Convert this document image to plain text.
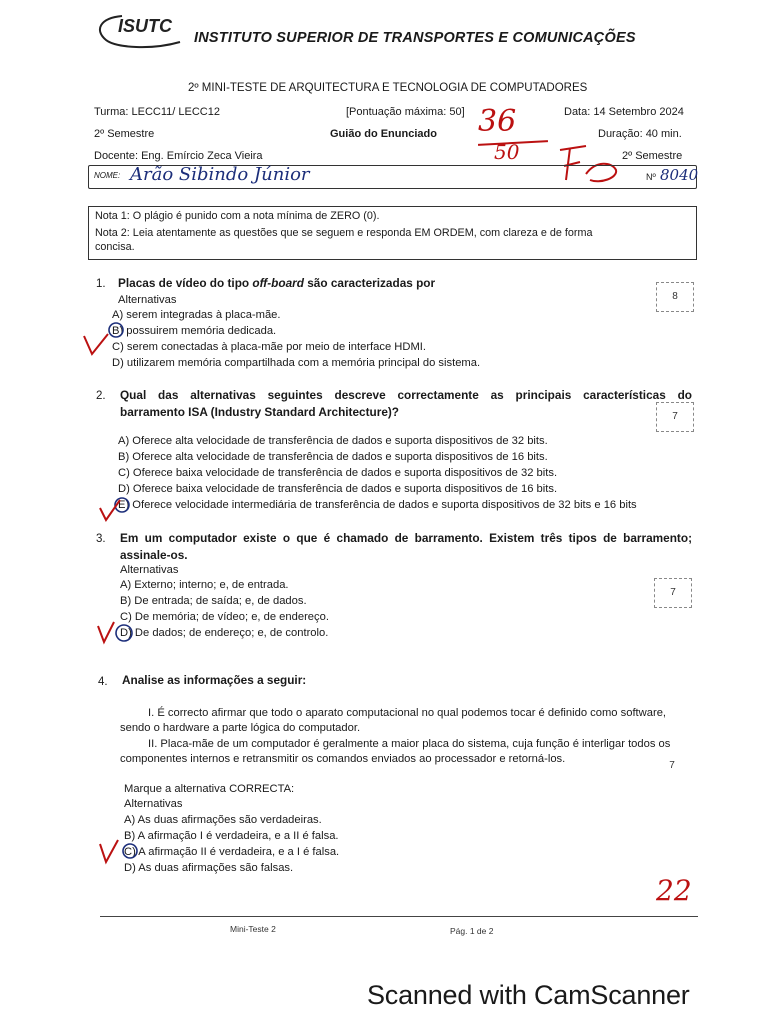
ISUTC
INSTITUTO SUPERIOR DE TRANSPORTES E COMUNICAÇÕES
2º MINI-TESTE DE ARQUITECTURA E TECNOLOGIA DE COMPUTADORES
Turma: LECC11/ LECC12	[Pontuação máxima: 50]	Data: 14 Setembro 2024
2º Semestre	Guião do Enunciado	Duração: 40 min.
Docente: Eng. Emírcio Zeca Vieira	2º Semestre
36
50
NOME: Arão Sibindo Júnior	Nº 8040
Nota 1: O plágio é punido com a nota mínima de ZERO (0).
Nota 2: Leia atentamente as questões que se seguem e responda EM ORDEM, com clareza e de forma
concisa.
1. Placas de vídeo do tipo off-board são caracterizadas por
Alternativas
A) serem integradas à placa-mãe.
B) possuirem memória dedicada.
C) serem conectadas à placa-mãe por meio de interface HDMI.
D) utilizarem memória compartilhada com a memória principal do sistema.
8
2. Qual das alternativas seguintes descreve correctamente as principais características do
barramento ISA (Industry Standard Architecture)?	7
A) Oferece alta velocidade de transferência de dados e suporta dispositivos de 32 bits.
B) Oferece alta velocidade de transferência de dados e suporta dispositivos de 16 bits.
C) Oferece baixa velocidade de transferência de dados e suporta dispositivos de 32 bits.
D) Oferece baixa velocidade de transferência de dados e suporta dispositivos de 16 bits.
E) Oferece velocidade intermediária de transferência de dados e suporta dispositivos de 32 bits e 16 bits
3. Em um computador existe o que é chamado de barramento. Existem três tipos de barramento;
assinale-os.
Alternativas
A) Externo; interno; e, de entrada.
B) De entrada; de saída; e, de dados.
C) De memória; de vídeo; e, de endereço.
D) De dados; de endereço; e, de controlo.
7
4. Analise as informações a seguir:
I. É correcto afirmar que todo o aparato computacional no qual podemos tocar é definido como software,
sendo o hardware a parte lógica do computador.
II. Placa-mãe de um computador é geralmente a maior placa do sistema, cuja função é interligar todos os
componentes internos e retransmitir os comandos enviados ao processador e retorná-los.
7
Marque a alternativa CORRECTA:
Alternativas
A) As duas afirmações são verdadeiras.
B) A afirmação I é verdadeira, e a II é falsa.
C) A afirmação II é verdadeira, e a I é falsa.
D) As duas afirmações são falsas.
22
Mini-Teste 2	Pág. 1 de 2
Scanned with CamScanner
